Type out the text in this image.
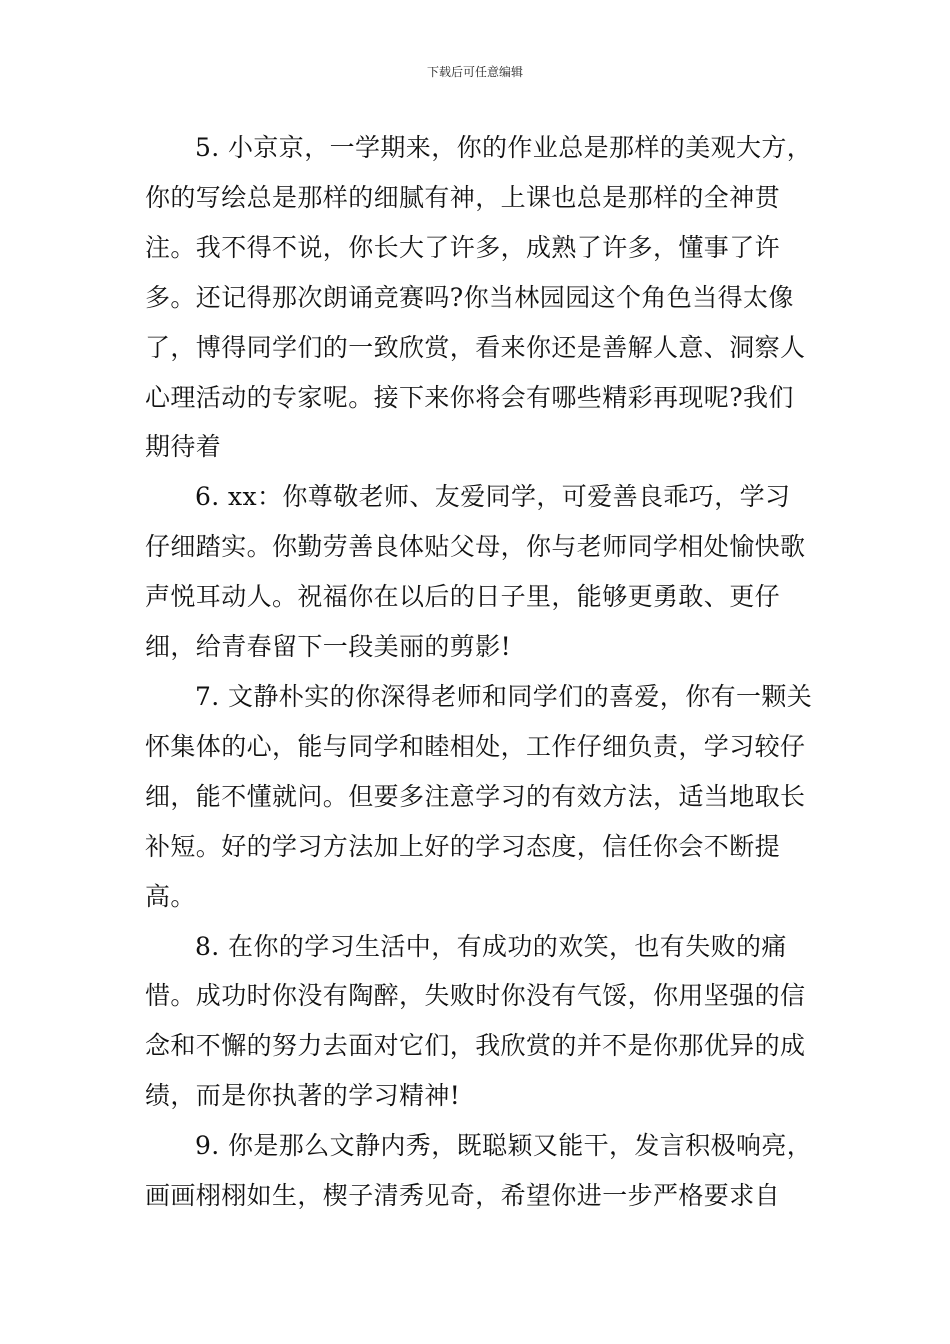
下载后可任意编辑

5. 小京京，一学期来，你的作业总是那样的美观大方，你的写绘总是那样的细腻有神，上课也总是那样的全神贯注。我不得不说，你长大了许多，成熟了许多，懂事了许多。还记得那次朗诵竞赛吗?你当林园园这个角色当得太像了，博得同学们的一致欣赏，看来你还是善解人意、洞察人心理活动的专家呢。接下来你将会有哪些精彩再现呢?我们期待着

6. xx：你尊敬老师、友爱同学，可爱善良乖巧，学习仔细踏实。你勤劳善良体贴父母，你与老师同学相处愉快歌声悦耳动人。祝福你在以后的日子里，能够更勇敢、更仔细，给青春留下一段美丽的剪影!

7. 文静朴实的你深得老师和同学们的喜爱，你有一颗关怀集体的心，能与同学和睦相处，工作仔细负责，学习较仔细，能不懂就问。但要多注意学习的有效方法，适当地取长补短。好的学习方法加上好的学习态度，信任你会不断提高。

8. 在你的学习生活中，有成功的欢笑，也有失败的痛惜。成功时你没有陶醉，失败时你没有气馁，你用坚强的信念和不懈的努力去面对它们，我欣赏的并不是你那优异的成绩，而是你执著的学习精神!

9. 你是那么文静内秀，既聪颖又能干，发言积极响亮，画画栩栩如生，楔子清秀见奇，希望你进一步严格要求自
